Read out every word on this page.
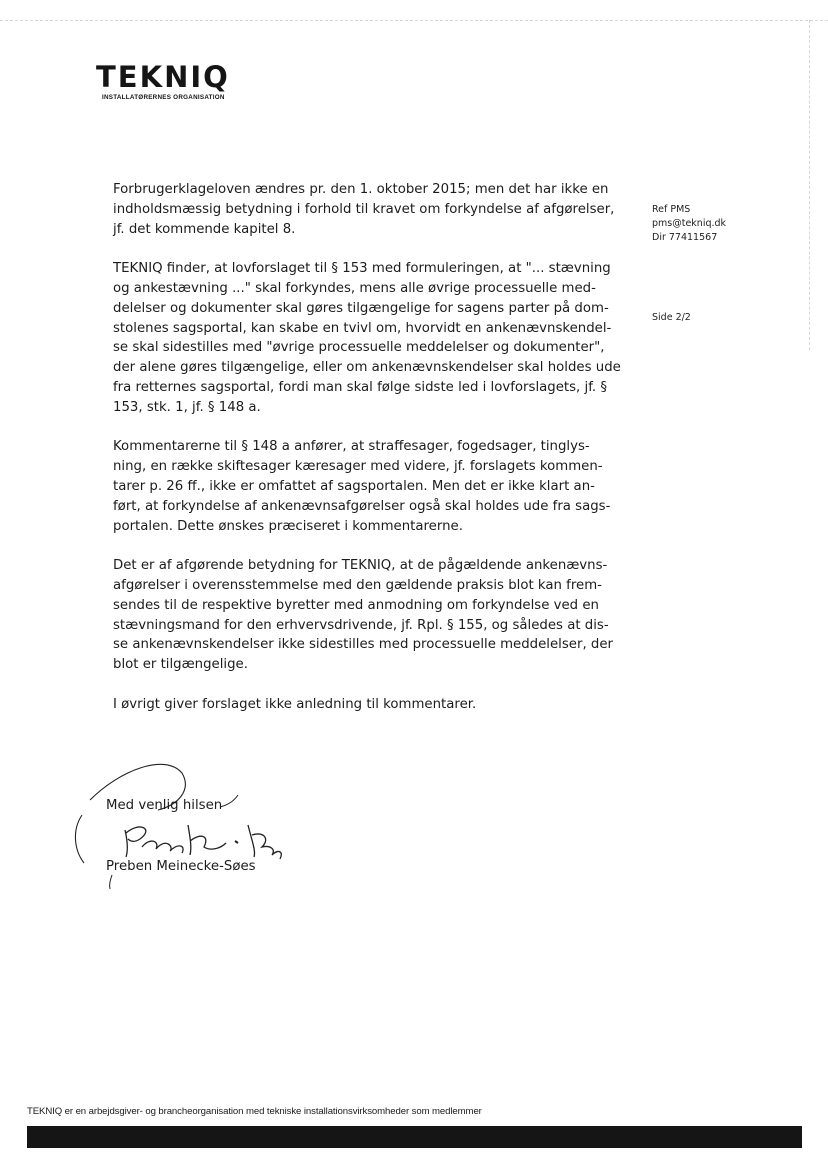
TEKNIQ
INSTALLATØRERNES ORGANISATION
Ref PMS
pms@tekniq.dk
Dir 77411567
Side 2/2
Forbrugerklageloven ændres pr. den 1. oktober 2015; men det har ikke en
indholdsmæssig betydning i forhold til kravet om forkyndelse af afgørelser,
jf. det kommende kapitel 8.
TEKNIQ finder, at lovforslaget til § 153 med formuleringen, at "... stævning
og ankestævning ..." skal forkyndes, mens alle øvrige processuelle med-
delelser og dokumenter skal gøres tilgængelige for sagens parter på dom-
stolenes sagsportal, kan skabe en tvivl om, hvorvidt en ankenævnskendel-
se skal sidestilles med "øvrige processuelle meddelelser og dokumenter",
der alene gøres tilgængelige, eller om ankenævnskendelser skal holdes ude
fra retternes sagsportal, fordi man skal følge sidste led i lovforslagets, jf. §
153, stk. 1, jf. § 148 a.
Kommentarerne til § 148 a anfører, at straffesager, fogedsager, tinglys-
ning, en række skiftesager kæresager med videre, jf. forslagets kommen-
tarer p. 26 ff., ikke er omfattet af sagsportalen. Men det er ikke klart an-
ført, at forkyndelse af ankenævnsafgørelser også skal holdes ude fra sags-
portalen. Dette ønskes præciseret i kommentarerne.
Det er af afgørende betydning for TEKNIQ, at de pågældende ankenævns-
afgørelser i overensstemmelse med den gældende praksis blot kan frem-
sendes til de respektive byretter med anmodning om forkyndelse ved en
stævningsmand for den erhvervsdrivende, jf. Rpl. § 155, og således at dis-
se ankenævnskendelser ikke sidestilles med processuelle meddelelser, der
blot er tilgængelige.
I øvrigt giver forslaget ikke anledning til kommentarer.
Med venlig hilsen
Preben Meinecke-Søes
TEKNIQ er en arbejdsgiver- og brancheorganisation med tekniske installationsvirksomheder som medlemmer
